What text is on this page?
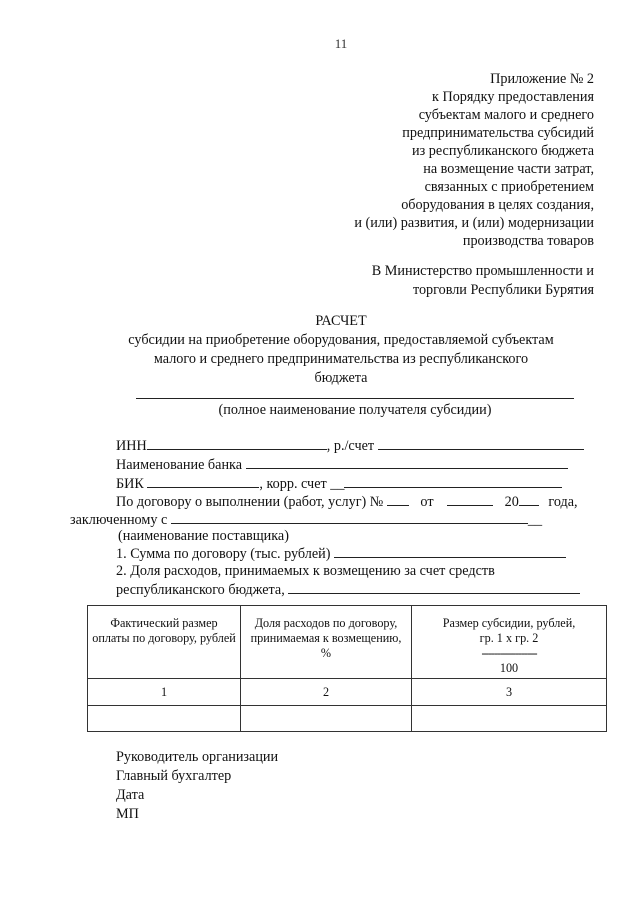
11
Приложение № 2
к Порядку предоставления
субъектам малого и среднего
предпринимательства субсидий
из республиканского бюджета
на возмещение части затрат,
связанных с приобретением
оборудования в целях создания,
и (или) развития, и (или) модернизации
производства товаров
В Министерство промышленности и
торговли Республики Бурятия
РАСЧЕТ
субсидии на приобретение оборудования, предоставляемой субъектам
малого и среднего предпринимательства из республиканского
бюджета
(полное наименование получателя субсидии)
ИНН	, р./счет
Наименование банка
БИК	, корр. счет __
По договору о выполнении (работ, услуг) №	от	20 года,
заключенному с	__
(наименование поставщика)
1. Сумма по договору (тыс. рублей)
2. Доля расходов, принимаемых к возмещению за счет средств
республиканского бюджета,
Фактический размер оплаты по договору, рублей	Доля расходов по договору, принимаемая к возмещению, %	Размер субсидии, рублей,
гр. 1 x гр. 2
------------------
100

1	2	3

Руководитель организации
Главный бухгалтер
Дата
МП
